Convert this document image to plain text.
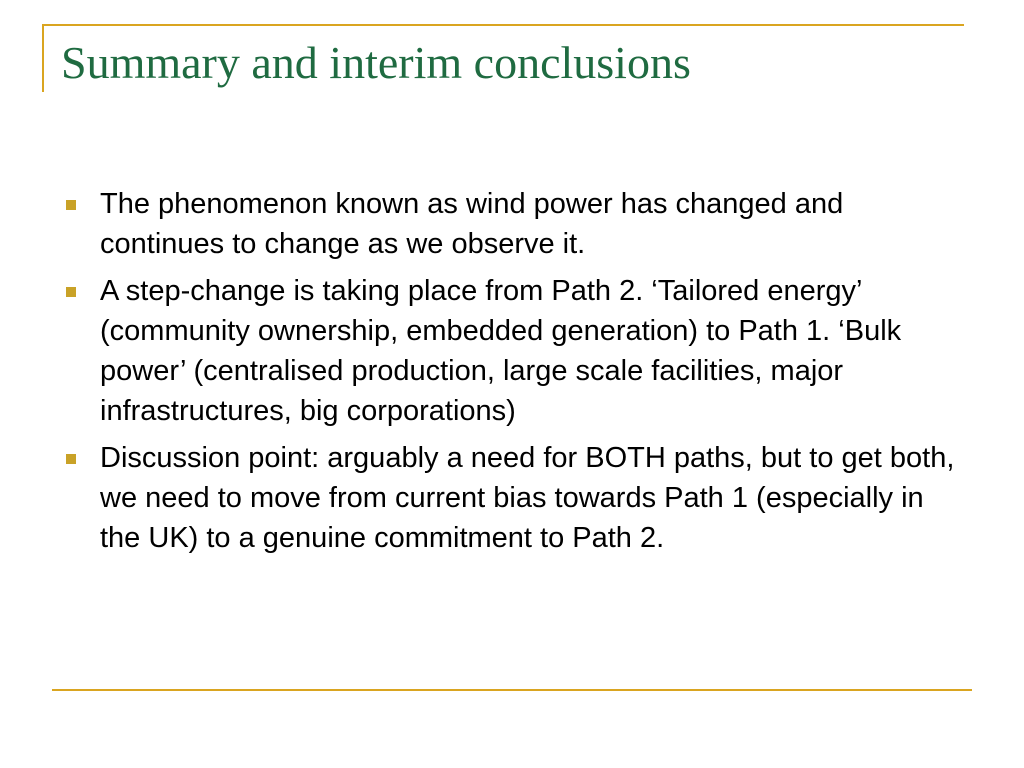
Summary and interim conclusions
The phenomenon known as wind power has changed and continues to change as we observe it.
A step-change is taking place from Path 2. ‘Tailored energy’ (community ownership, embedded generation) to Path 1. ‘Bulk power’ (centralised production, large scale facilities, major infrastructures, big corporations)
Discussion point: arguably a need for BOTH paths, but to get both, we need to move from current bias towards Path 1 (especially in the UK) to a genuine commitment to Path 2.
